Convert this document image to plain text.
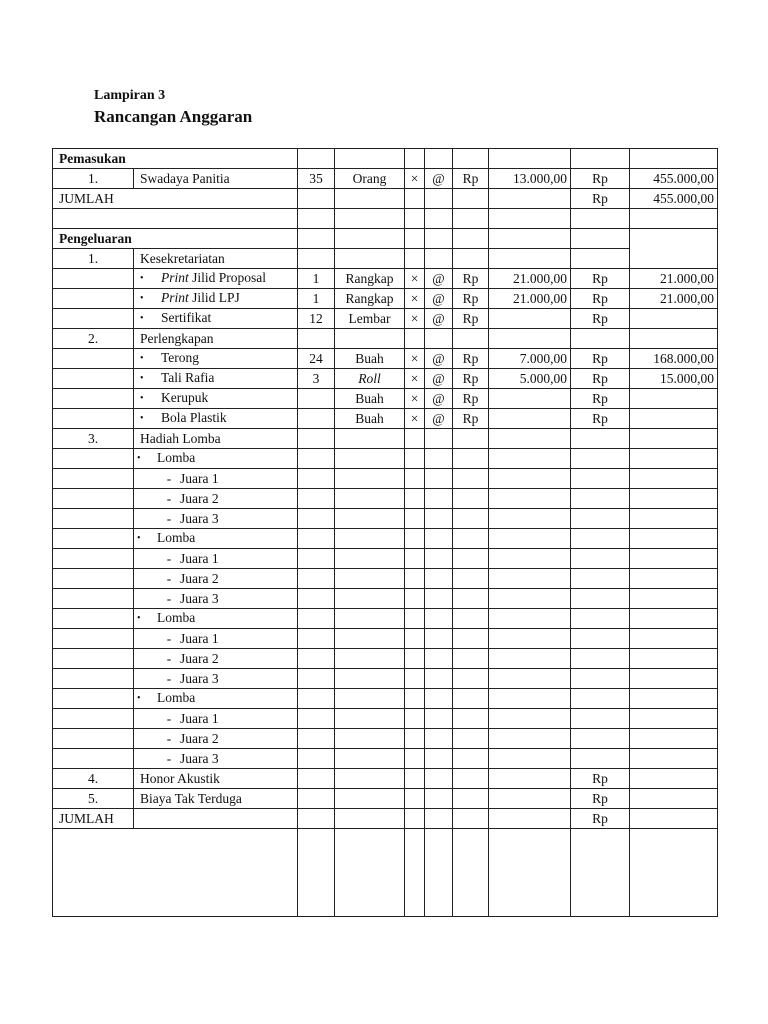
Lampiran 3
Rancangan Anggaran
Pemasukan									
1.	Swadaya Panitia	35	Orang	×	@	Rp	13.000,00	Rp	455.000,00
JUMLAH								Rp	455.000,00

Pengeluaran									
1.	Kesekretariatan								
	• Print Jilid Proposal	1	Rangkap	×	@	Rp	21.000,00	Rp	21.000,00
	• Print Jilid LPJ	1	Rangkap	×	@	Rp	21.000,00	Rp	21.000,00
	• Sertifikat	12	Lembar	×	@	Rp		Rp	
2.	Perlengkapan								
	• Terong	24	Buah	×	@	Rp	7.000,00	Rp	168.000,00
	• Tali Rafia	3	Roll	×	@	Rp	5.000,00	Rp	15.000,00
	• Kerupuk		Buah	×	@	Rp		Rp	
	• Bola Plastik		Buah	×	@	Rp		Rp	
3.	Hadiah Lomba								
	• Lomba								
	- Juara 1								
	- Juara 2								
	- Juara 3								
	• Lomba								
	- Juara 1								
	- Juara 2								
	- Juara 3								
	• Lomba								
	- Juara 1								
	- Juara 2								
	- Juara 3								
	• Lomba								
	- Juara 1								
	- Juara 2								
	- Juara 3								
4.	Honor Akustik							Rp	
5.	Biaya Tak Terduga							Rp	
JUMLAH								Rp	
